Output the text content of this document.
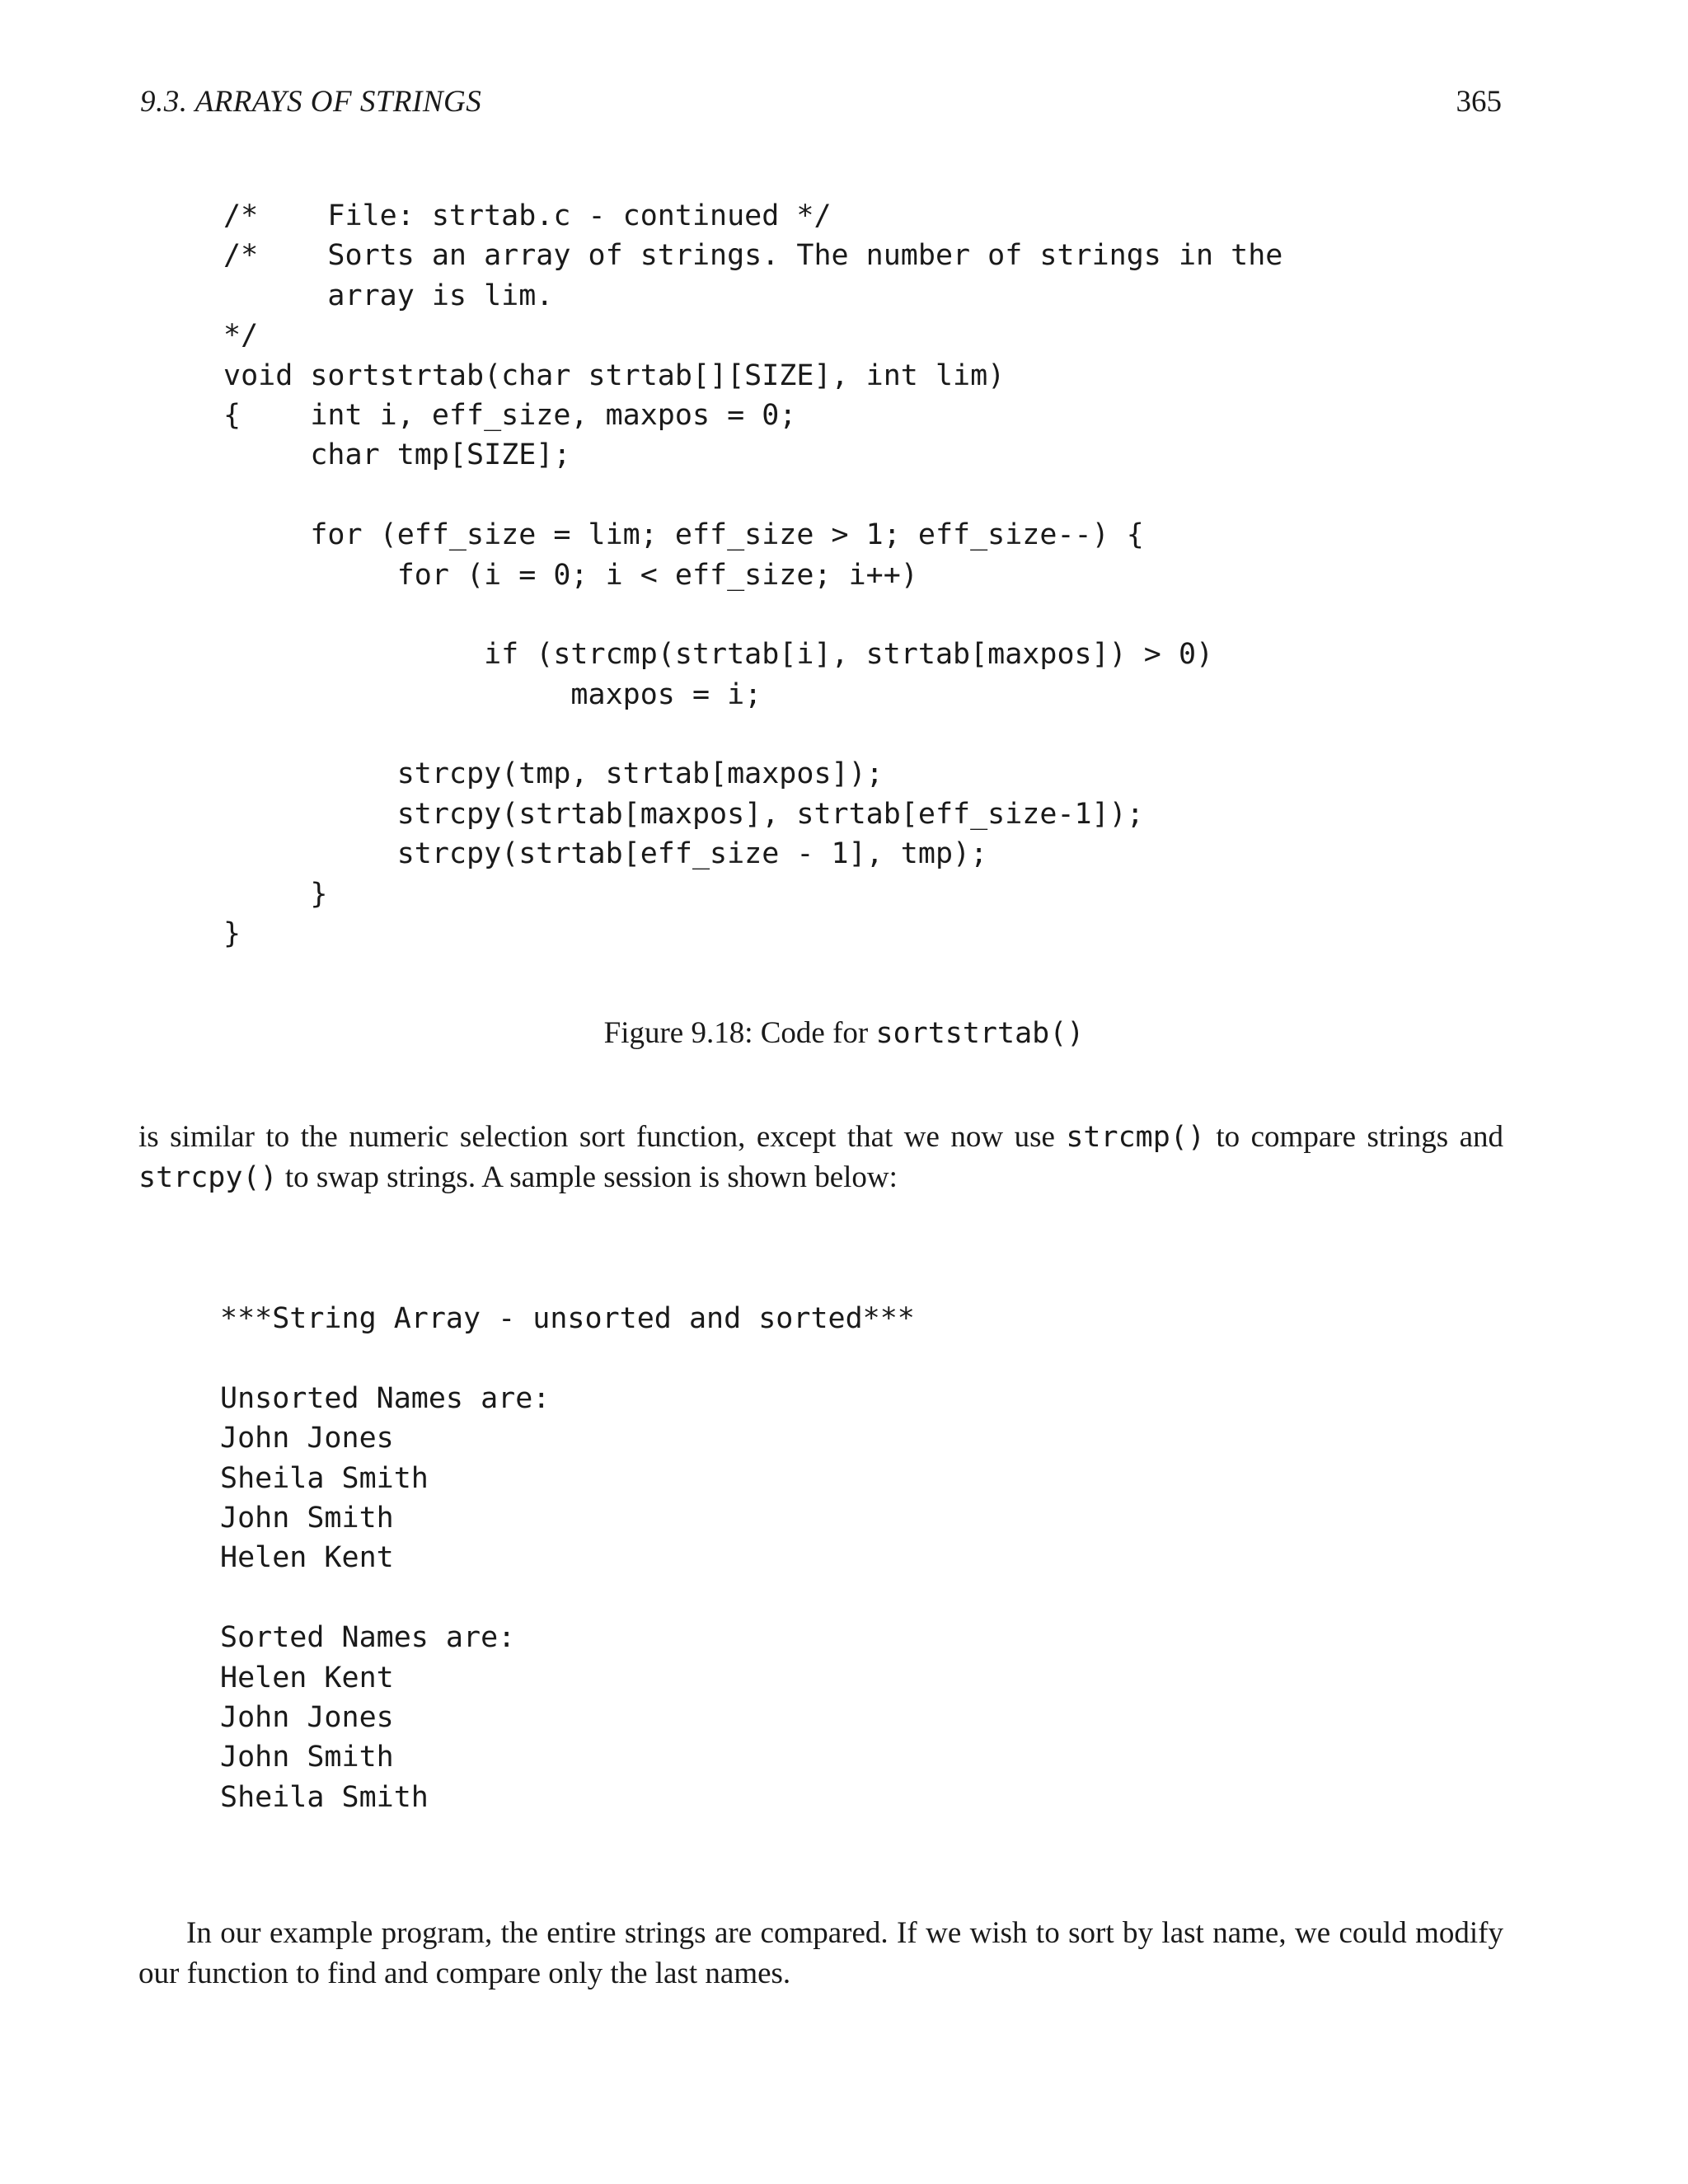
9.3. ARRAYS OF STRINGS	365
/*    File: strtab.c - continued */
/*    Sorts an array of strings. The number of strings in the
array is lim.
*/
void sortstrtab(char strtab[][SIZE], int lim)
{    int i, eff_size, maxpos = 0;
char tmp[SIZE];
for (eff_size = lim; eff_size > 1; eff_size--) {
for (i = 0; i < eff_size; i++)
if (strcmp(strtab[i], strtab[maxpos]) > 0)
maxpos = i;
strcpy(tmp, strtab[maxpos]);
strcpy(strtab[maxpos], strtab[eff_size-1]);
strcpy(strtab[eff_size - 1], tmp);
}
}
Figure 9.18: Code for sortstrtab()

is similar to the numeric selection sort function, except that we now use strcmp() to compare strings and strcpy() to swap strings. A sample session is shown below:

***String Array - unsorted and sorted***
Unsorted Names are:
John Jones
Sheila Smith
John Smith
Helen Kent
Sorted Names are:
Helen Kent
John Jones
John Smith
Sheila Smith

In our example program, the entire strings are compared. If we wish to sort by last name, we could modify our function to find and compare only the last names.
